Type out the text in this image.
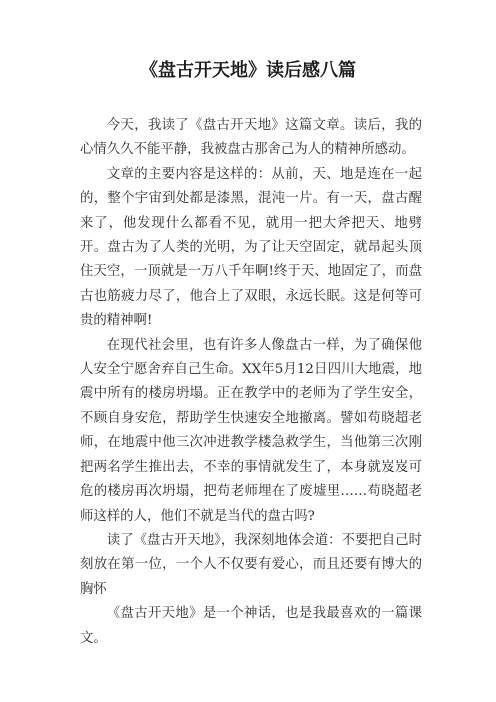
《盘古开天地》读后感八篇

今天，我读了《盘古开天地》这篇文章。读后，我的心情久久不能平静，我被盘古那舍己为人的精神所感动。

文章的主要内容是这样的：从前，天、地是连在一起的，整个宇宙到处都是漆黑，混沌一片。有一天，盘古醒来了，他发现什么都看不见，就用一把大斧把天、地劈开。盘古为了人类的光明，为了让天空固定，就昂起头顶住天空，一顶就是一万八千年啊!终于天、地固定了，而盘古也筋疲力尽了，他合上了双眼，永远长眠。这是何等可贵的精神啊!

在现代社会里，也有许多人像盘古一样，为了确保他人安全宁愿舍弃自己生命。XX年5月12日四川大地震，地震中所有的楼房坍塌。正在教学中的老师为了学生安全，不顾自身安危，帮助学生快速安全地撤离。譬如苟晓超老师，在地震中他三次冲进教学楼急救学生，当他第三次刚把两名学生推出去，不幸的事情就发生了，本身就岌岌可危的楼房再次坍塌，把苟老师埋在了废墟里……苟晓超老师这样的人，他们不就是当代的盘古吗?

读了《盘古开天地》，我深刻地体会道：不要把自己时刻放在第一位，一个人不仅要有爱心，而且还要有博大的胸怀

《盘古开天地》是一个神话，也是我最喜欢的一篇课文。
